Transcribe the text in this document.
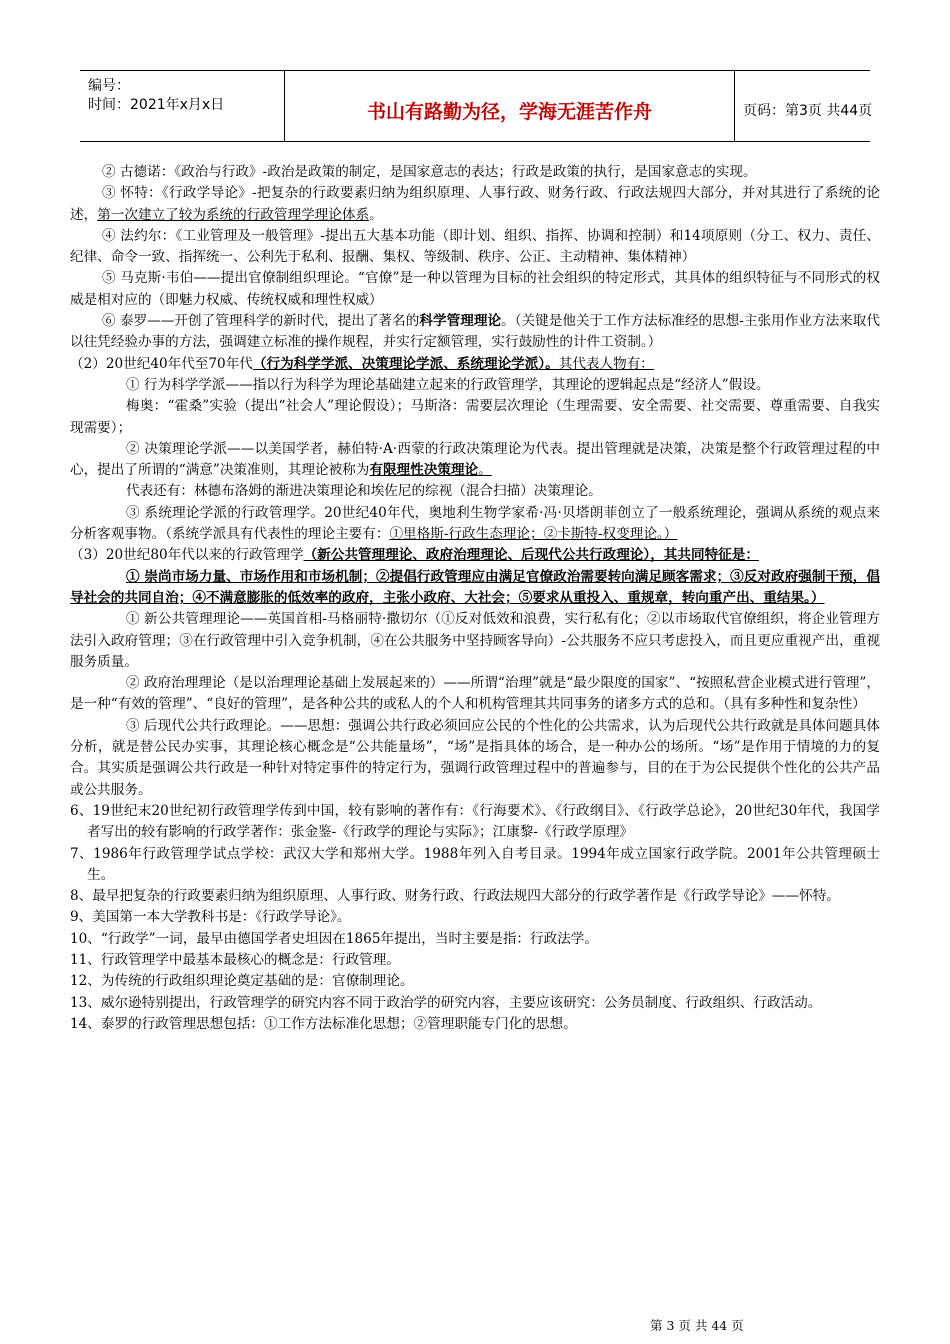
编号：
时间：2021年x月x日	书山有路勤为径，学海无涯苦作舟	页码：第3页 共44页

② 古德诺：《政治与行政》-政治是政策的制定，是国家意志的表达；行政是政策的执行，是国家意志的实现。

③ 怀特：《行政学导论》-把复杂的行政要素归纳为组织原理、人事行政、财务行政、行政法规四大部分，并对其进行了系统的论述，第一次建立了较为系统的行政管理学理论体系。

④ 法约尔：《工业管理及一般管理》-提出五大基本功能（即计划、组织、指挥、协调和控制）和14项原则（分工、权力、责任、纪律、命令一致、指挥统一、公利先于私利、报酬、集权、等级制、秩序、公正、主动精神、集体精神）

⑤ 马克斯·韦伯——提出官僚制组织理论。“官僚”是一种以管理为目标的社会组织的特定形式，其具体的组织特征与不同形式的权威是相对应的（即魅力权威、传统权威和理性权威）

⑥ 泰罗——开创了管理科学的新时代，提出了著名的科学管理理论。（关键是他关于工作方法标准经的思想-主张用作业方法来取代以往凭经验办事的方法，强调建立标准的操作规程，并实行定额管理，实行鼓励性的计件工资制。）

（2）20世纪40年代至70年代（行为科学学派、决策理论学派、系统理论学派）。其代表人物有：

① 行为科学学派——指以行为科学为理论基础建立起来的行政管理学，其理论的逻辑起点是“经济人”假设。

梅奥：“霍桑”实验（提出“社会人”理论假设）；马斯洛：需要层次理论（生理需要、安全需要、社交需要、尊重需要、自我实现需要）；

② 决策理论学派——以美国学者，赫伯特·A·西蒙的行政决策理论为代表。提出管理就是决策，决策是整个行政管理过程的中心，提出了所谓的“满意”决策准则，其理论被称为有限理性决策理论。

代表还有：林德布洛姆的渐进决策理论和埃佐尼的综视（混合扫描）决策理论。

③ 系统理论学派的行政管理学。20世纪40年代，奥地利生物学家希·冯·贝塔朗菲创立了一般系统理论，强调从系统的观点来分析客观事物。（系统学派具有代表性的理论主要有：①里格斯-行政生态理论；②卡斯特-权变理论。）

（3）20世纪80年代以来的行政管理学（新公共管理理论、政府治理理论、后现代公共行政理论），其共同特征是：

① 崇尚市场力量、市场作用和市场机制；②提倡行政管理应由满足官僚政治需要转向满足顾客需求；③反对政府强制干预，倡导社会的共同自治；④不满意膨胀的低效率的政府，主张小政府、大社会；⑤要求从重投入、重规章，转向重产出、重结果。）

① 新公共管理理论——英国首相-马格丽特·撒切尔（①反对低效和浪费，实行私有化；②以市场取代官僚组织，将企业管理方法引入政府管理；③在行政管理中引入竞争机制，④在公共服务中坚持顾客导向）-公共服务不应只考虑投入，而且更应重视产出，重视服务质量。

② 政府治理理论（是以治理理论基础上发展起来的）——所谓“治理”就是“最少限度的国家”、“按照私营企业模式进行管理”，是一种“有效的管理”、“良好的管理”，是各种公共的或私人的个人和机构管理其共同事务的诸多方式的总和。（具有多种性和复杂性）

③ 后现代公共行政理论。——思想：强调公共行政必须回应公民的个性化的公共需求，认为后现代公共行政就是具体问题具体分析，就是替公民办实事，其理论核心概念是“公共能量场”，“场”是指具体的场合，是一种办公的场所。“场”是作用于情境的力的复合。其实质是强调公共行政是一种针对特定事件的特定行为，强调行政管理过程中的普遍参与，目的在于为公民提供个性化的公共产品或公共服务。

6、19世纪末20世纪初行政管理学传到中国，较有影响的著作有：《行海要术》、《行政纲目》、《行政学总论》，20世纪30年代，我国学者写出的较有影响的行政学著作：张金鉴-《行政学的理论与实际》；江康黎-《行政学原理》

7、1986年行政管理学试点学校：武汉大学和郑州大学。1988年列入自考目录。1994年成立国家行政学院。2001年公共管理硕士生。

8、最早把复杂的行政要素归纳为组织原理、人事行政、财务行政、行政法规四大部分的行政学著作是《行政学导论》——怀特。

9、美国第一本大学教科书是：《行政学导论》。

10、“行政学”一词，最早由德国学者史坦因在1865年提出，当时主要是指：行政法学。

11、行政管理学中最基本最核心的概念是：行政管理。

12、为传统的行政组织理论奠定基础的是：官僚制理论。

13、威尔逊特别提出，行政管理学的研究内容不同于政治学的研究内容，主要应该研究：公务员制度、行政组织、行政活动。

14、泰罗的行政管理思想包括：①工作方法标准化思想；②管理职能专门化的思想。

第 3 页 共 44 页
